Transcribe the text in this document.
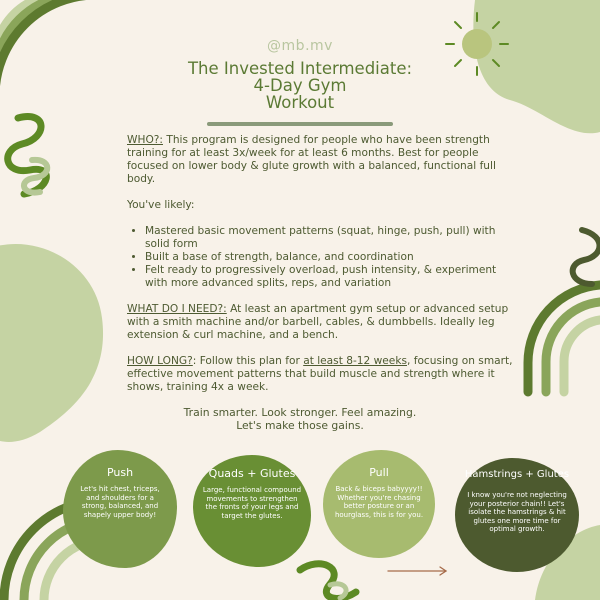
@mb.mv
The Invested Intermediate:
4-Day Gym
Workout

WHO?: This program is designed for people who have been strength training for at least 3x/week for at least 6 months. Best for people focused on lower body & glute growth with a balanced, functional full body.

You've likely:

• Mastered basic movement patterns (squat, hinge, push, pull) with solid form
• Built a base of strength, balance, and coordination
• Felt ready to progressively overload, push intensity, & experiment with more advanced splits, reps, and variation

WHAT DO I NEED?: At least an apartment gym setup or advanced setup with a smith machine and/or barbell, cables, & dumbbells. Ideally leg extension & curl machine, and a bench.

HOW LONG?: Follow this plan for at least 8-12 weeks, focusing on smart, effective movement patterns that build muscle and strength where it shows, training 4x a week.

Train smarter. Look stronger. Feel amazing.
Let's make those gains.
Push
Let's hit chest, triceps, and shoulders for a strong, balanced, and shapely upper body!
Quads + Glutes
Large, functional compound movements to strengthen the fronts of your legs and target the glutes.
Pull
Back & biceps babyyyy!! Whether you're chasing better posture or an hourglass, this is for you.
Hamstrings + Glutes
I know you're not neglecting your posterior chain!! Let's isolate the hamstrings & hit glutes one more time for optimal growth.
